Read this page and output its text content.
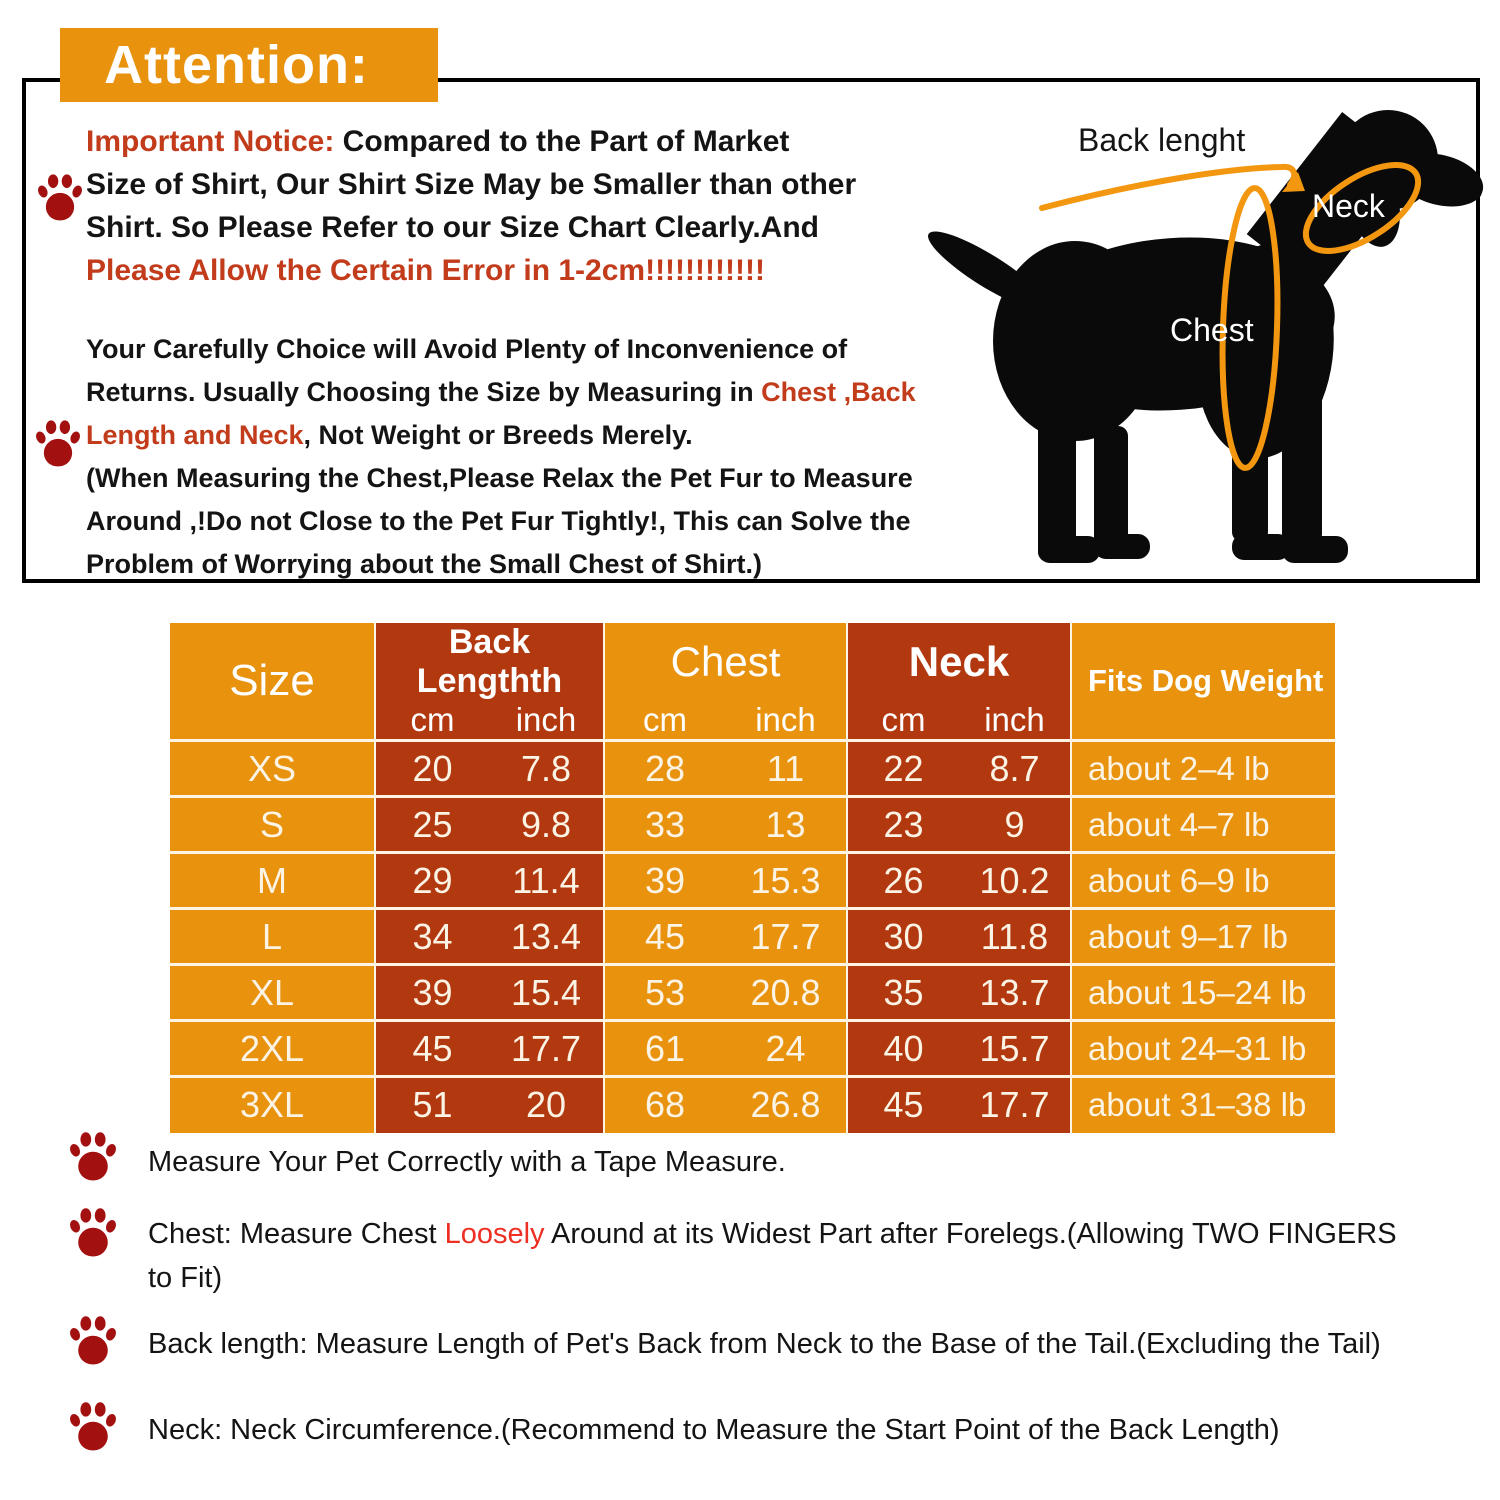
Attention:
Important Notice: Compared to the Part of Market
Size of Shirt, Our Shirt Size May be Smaller than other
Shirt. So Please Refer to our Size Chart Clearly.And
Please Allow the Certain Error in 1-2cm!!!!!!!!!!!!
Your Carefully Choice will Avoid Plenty of Inconvenience of
Returns. Usually Choosing the Size by Measuring in Chest ,Back
Length and Neck, Not Weight or Breeds Merely.
(When Measuring the Chest,Please Relax the Pet Fur to Measure
Around ,!Do not Close to the Pet Fur Tightly!, This can Solve the
Problem of Worrying about the Small Chest of Shirt.)
Back lenght
Neck
Chest
Size	Back Lengthth		Chest		Neck		Fits Dog Weight
	cm	inch	cm	inch	cm	inch	
XS	20	7.8	28	11	22	8.7	about 2–4 lb
S	25	9.8	33	13	23	9	about 4–7 lb
M	29	11.4	39	15.3	26	10.2	about 6–9 lb
L	34	13.4	45	17.7	30	11.8	about 9–17 lb
XL	39	15.4	53	20.8	35	13.7	about 15–24 lb
2XL	45	17.7	61	24	40	15.7	about 24–31 lb
3XL	51	20	68	26.8	45	17.7	about 31–38 lb
Measure Your Pet Correctly with a Tape Measure.
Chest: Measure Chest Loosely Around at its Widest Part after Forelegs.(Allowing TWO FINGERS
to Fit)
Back length: Measure Length of Pet's Back from Neck to the Base of the Tail.(Excluding the Tail)
Neck: Neck Circumference.(Recommend to Measure the Start Point of the Back Length)
